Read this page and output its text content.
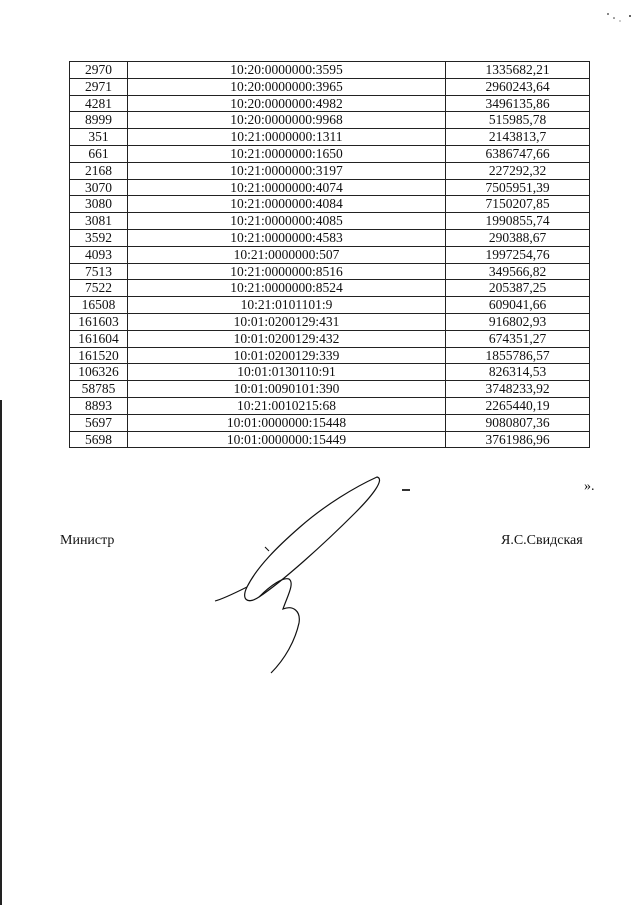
2970	10:20:0000000:3595	1335682,21
2971	10:20:0000000:3965	2960243,64
4281	10:20:0000000:4982	3496135,86
8999	10:20:0000000:9968	515985,78
351	10:21:0000000:1311	2143813,7
661	10:21:0000000:1650	6386747,66
2168	10:21:0000000:3197	227292,32
3070	10:21:0000000:4074	7505951,39
3080	10:21:0000000:4084	7150207,85
3081	10:21:0000000:4085	1990855,74
3592	10:21:0000000:4583	290388,67
4093	10:21:0000000:507	1997254,76
7513	10:21:0000000:8516	349566,82
7522	10:21:0000000:8524	205387,25
16508	10:21:0101101:9	609041,66
161603	10:01:0200129:431	916802,93
161604	10:01:0200129:432	674351,27
161520	10:01:0200129:339	1855786,57
106326	10:01:0130110:91	826314,53
58785	10:01:0090101:390	3748233,92
8893	10:21:0010215:68	2265440,19
5697	10:01:0000000:15448	9080807,36
5698	10:01:0000000:15449	3761986,96
».
Министр	Я.С.Свидская
